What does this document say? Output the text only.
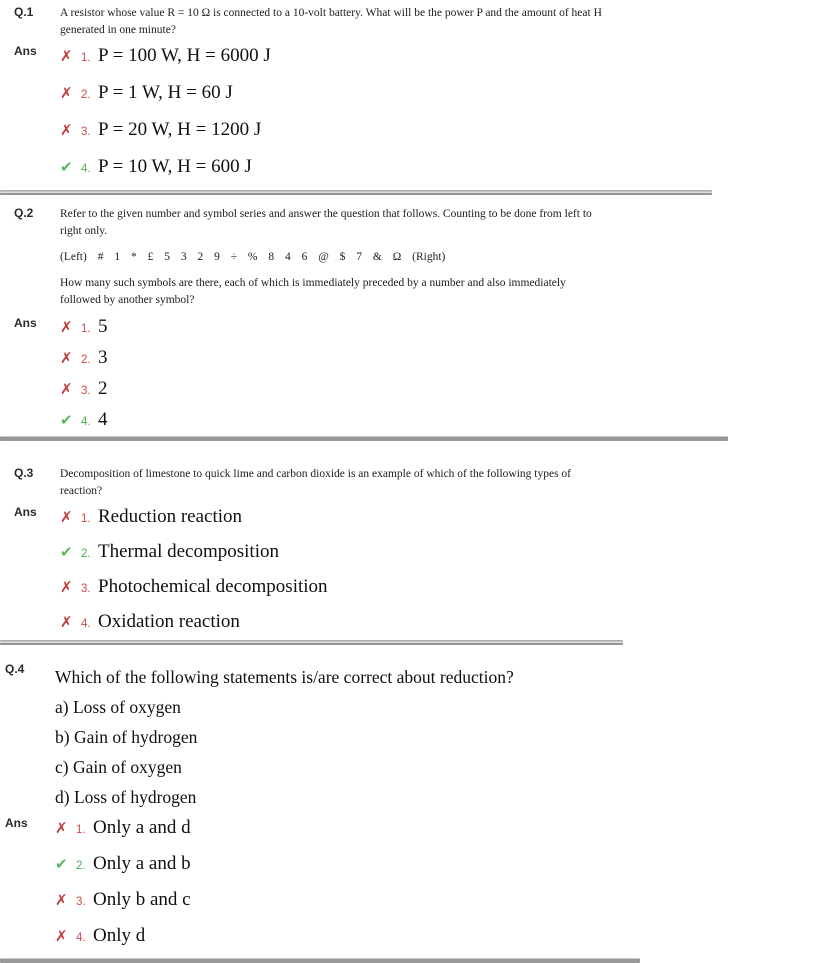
Q.1	A resistor whose value R = 10 Ω is connected to a 10-volt battery. What will be the power P and the amount of heat H generated in one minute?
Ans	✗ 1. P = 100 W, H = 6000 J
✗ 2. P = 1 W, H = 60 J
✗ 3. P = 20 W, H = 1200 J
✔ 4. P = 10 W, H = 600 J
Q.2	Refer to the given number and symbol series and answer the question that follows. Counting to be done from left to right only.
(Left) # 1 * £ 5 3 2 9 ÷ % 8 4 6 @ $ 7 & Ω (Right)
How many such symbols are there, each of which is immediately preceded by a number and also immediately followed by another symbol?
Ans	✗ 1. 5
✗ 2. 3
✗ 3. 2
✔ 4. 4
Q.3	Decomposition of limestone to quick lime and carbon dioxide is an example of which of the following types of reaction?
Ans	✗ 1. Reduction reaction
✔ 2. Thermal decomposition
✗ 3. Photochemical decomposition
✗ 4. Oxidation reaction
Q.4	Which of the following statements is/are correct about reduction?
a) Loss of oxygen
b) Gain of hydrogen
c) Gain of oxygen
d) Loss of hydrogen
Ans	✗ 1. Only a and d
✔ 2. Only a and b
✗ 3. Only b and c
✗ 4. Only d
